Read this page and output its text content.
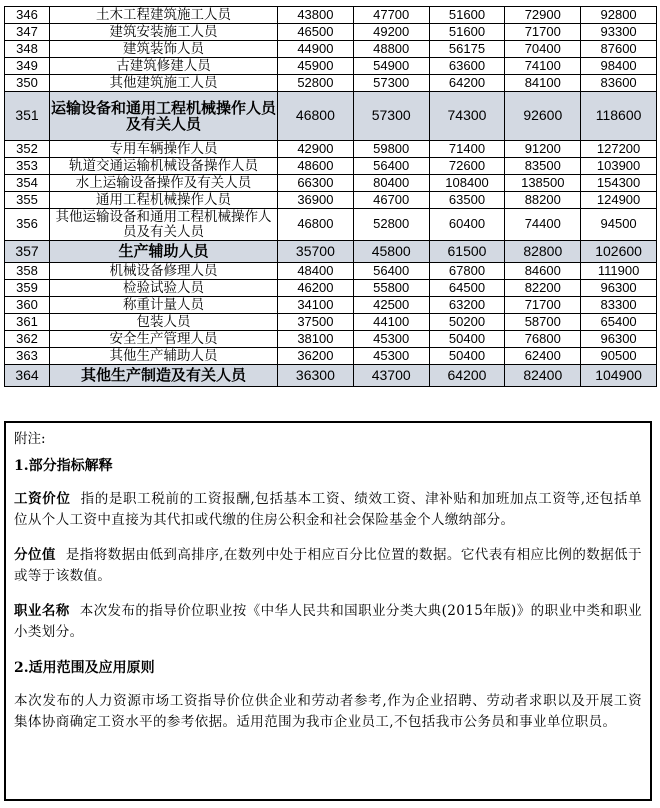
346	土木工程建筑施工人员	43800	47700	51600	72900	92800
347	建筑安装施工人员	46500	49200	51600	71700	93300
348	建筑装饰人员	44900	48800	56175	70400	87600
349	古建筑修建人员	45900	54900	63600	74100	98400
350	其他建筑施工人员	52800	57300	64200	84100	83600
351	运输设备和通用工程机械操作人员及有关人员	46800	57300	74300	92600	118600
352	专用车辆操作人员	42900	59800	71400	91200	127200
353	轨道交通运输机械设备操作人员	48600	56400	72600	83500	103900
354	水上运输设备操作及有关人员	66300	80400	108400	138500	154300
355	通用工程机械操作人员	36900	46700	63500	88200	124900
356	其他运输设备和通用工程机械操作人员及有关人员	46800	52800	60400	74400	94500
357	生产辅助人员	35700	45800	61500	82800	102600
358	机械设备修理人员	48400	56400	67800	84600	111900
359	检验试验人员	46200	55800	64500	82200	96300
360	称重计量人员	34100	42500	63200	71700	83300
361	包装人员	37500	44100	50200	58700	65400
362	安全生产管理人员	38100	45300	50400	76800	96300
363	其他生产辅助人员	36200	45300	50400	62400	90500
364	其他生产制造及有关人员	36300	43700	64200	82400	104900
附注:
1.部分指标解释
工资价位 指的是职工税前的工资报酬,包括基本工资、绩效工资、津补贴和加班加点工资等,还包括单位从个人工资中直接为其代扣或代缴的住房公积金和社会保险基金个人缴纳部分。
分位值 是指将数据由低到高排序,在数列中处于相应百分比位置的数据。它代表有相应比例的数据低于或等于该数值。
职业名称 本次发布的指导价位职业按《中华人民共和国职业分类大典(2015年版)》的职业中类和职业小类划分。
2.适用范围及应用原则
本次发布的人力资源市场工资指导价位供企业和劳动者参考,作为企业招聘、劳动者求职以及开展工资集体协商确定工资水平的参考依据。适用范围为我市企业员工,不包括我市公务员和事业单位职员。
